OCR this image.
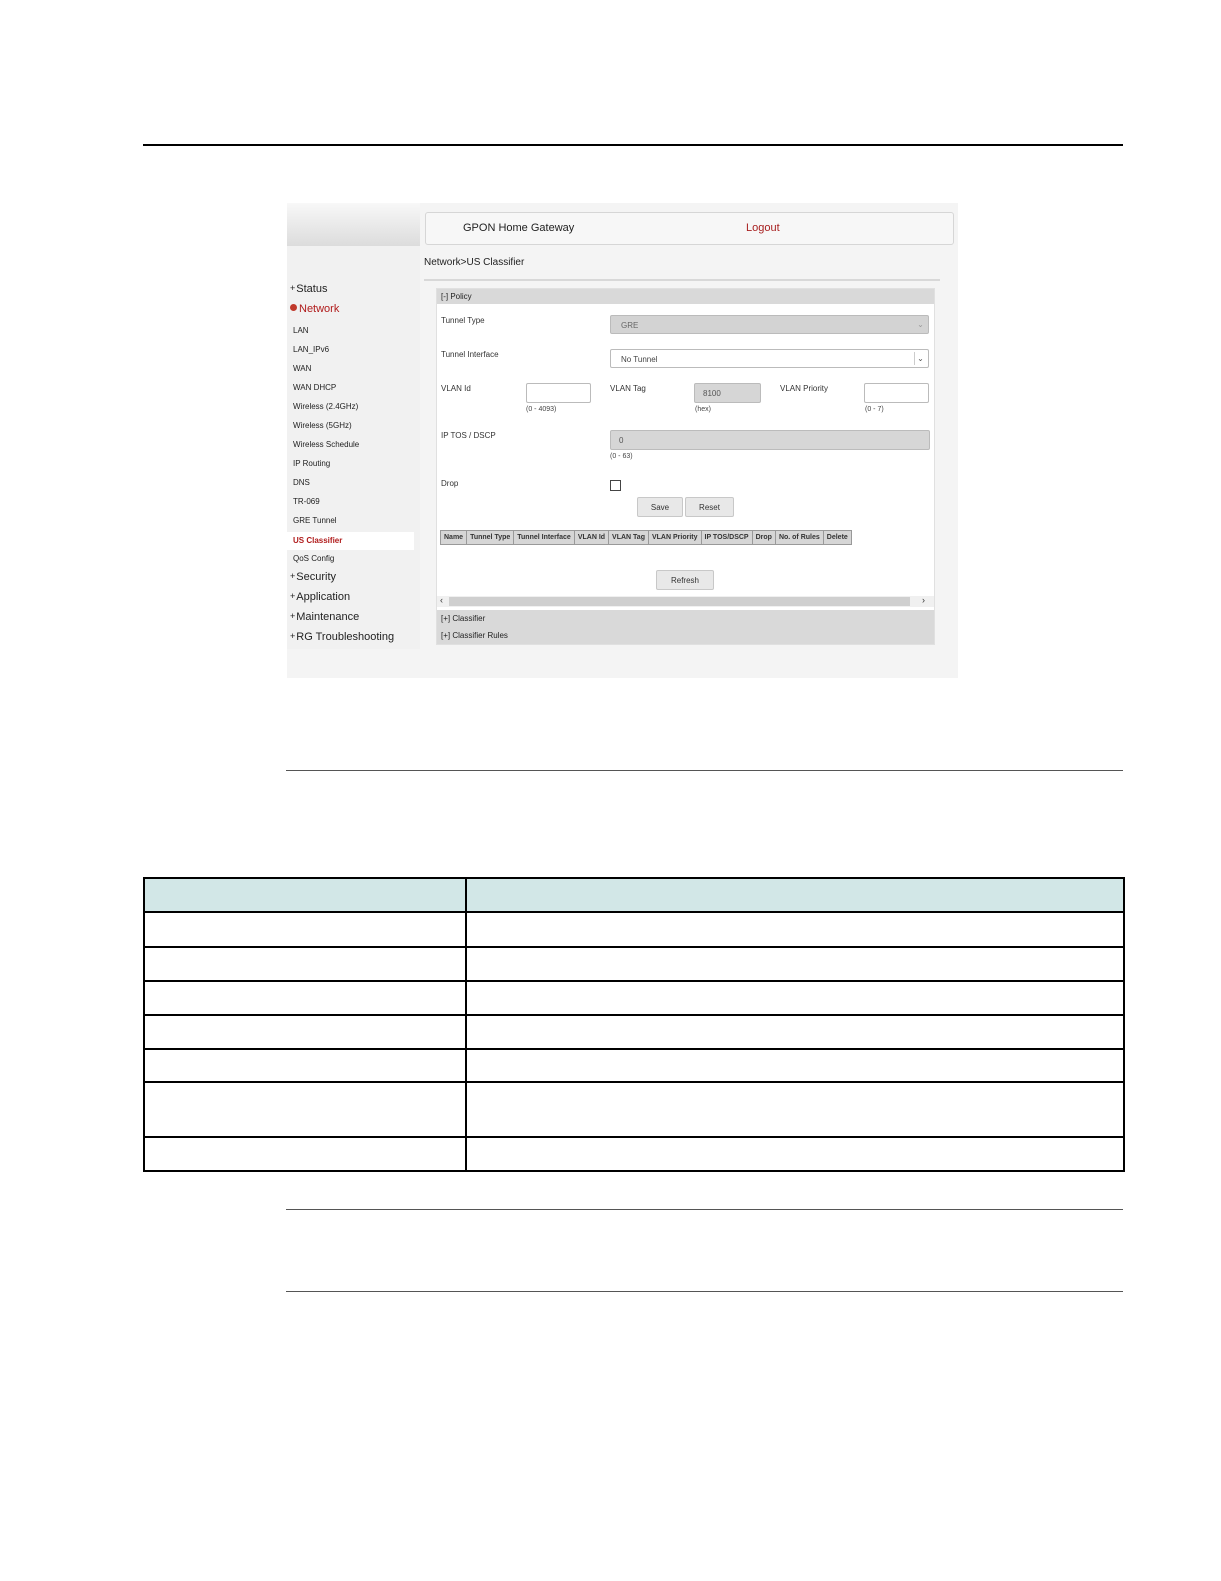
GPON Home Gateway	Logout
Network>US Classifier
+Status
Network
LAN
LAN_IPv6
WAN
WAN DHCP
Wireless (2.4GHz)
Wireless (5GHz)
Wireless Schedule
IP Routing
DNS
TR-069
GRE Tunnel
US Classifier
QoS Config
+Security
+Application
+Maintenance
+RG Troubleshooting
[-] Policy
Tunnel Type
GRE	⌄
Tunnel Interface
No Tunnel	⌄
VLAN Id
(0 - 4093)
VLAN Tag
8100
(hex)
VLAN Priority
(0 - 7)
IP TOS / DSCP
0
(0 - 63)
Drop
Save	Reset
Name	Tunnel Type	Tunnel Interface	VLAN Id	VLAN Tag	VLAN Priority	IP TOS/DSCP	Drop	No. of Rules	Delete
Refresh
‹	›
[+] Classifier
[+] Classifier Rules
